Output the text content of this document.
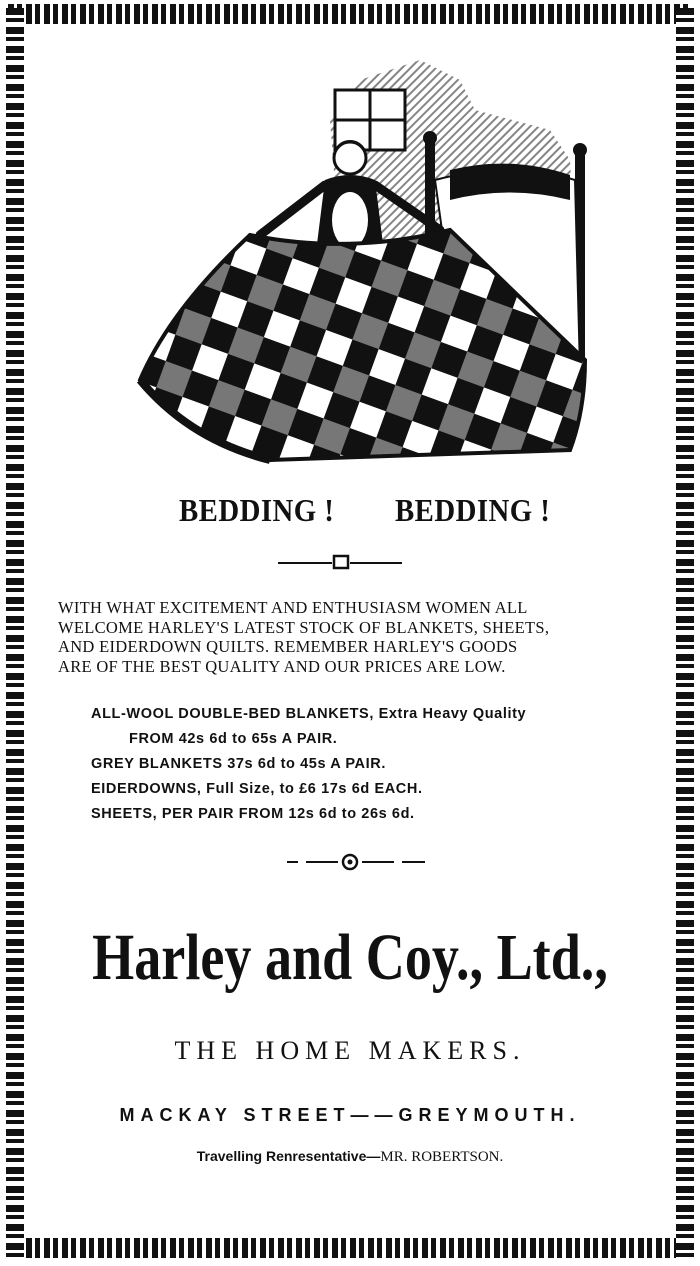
BEDDING ! BEDDING !
WITH WHAT EXCITEMENT AND ENTHUSIASM WOMEN ALL
WELCOME HARLEY'S LATEST STOCK OF BLANKETS, SHEETS,
AND EIDERDOWN QUILTS. REMEMBER HARLEY'S GOODS
ARE OF THE BEST QUALITY AND OUR PRICES ARE LOW.
ALL-WOOL DOUBLE-BED BLANKETS, Extra Heavy Quality
FROM 42s 6d to 65s A PAIR.
GREY BLANKETS 37s 6d to 45s A PAIR.
EIDERDOWNS, Full Size, to £6 17s 6d EACH.
SHEETS, PER PAIR FROM 12s 6d to 26s 6d.
Harley and Coy., Ltd.,
THE HOME MAKERS.
MACKAY STREET——GREYMOUTH.
Travelling Renresentative—MR. ROBERTSON.
